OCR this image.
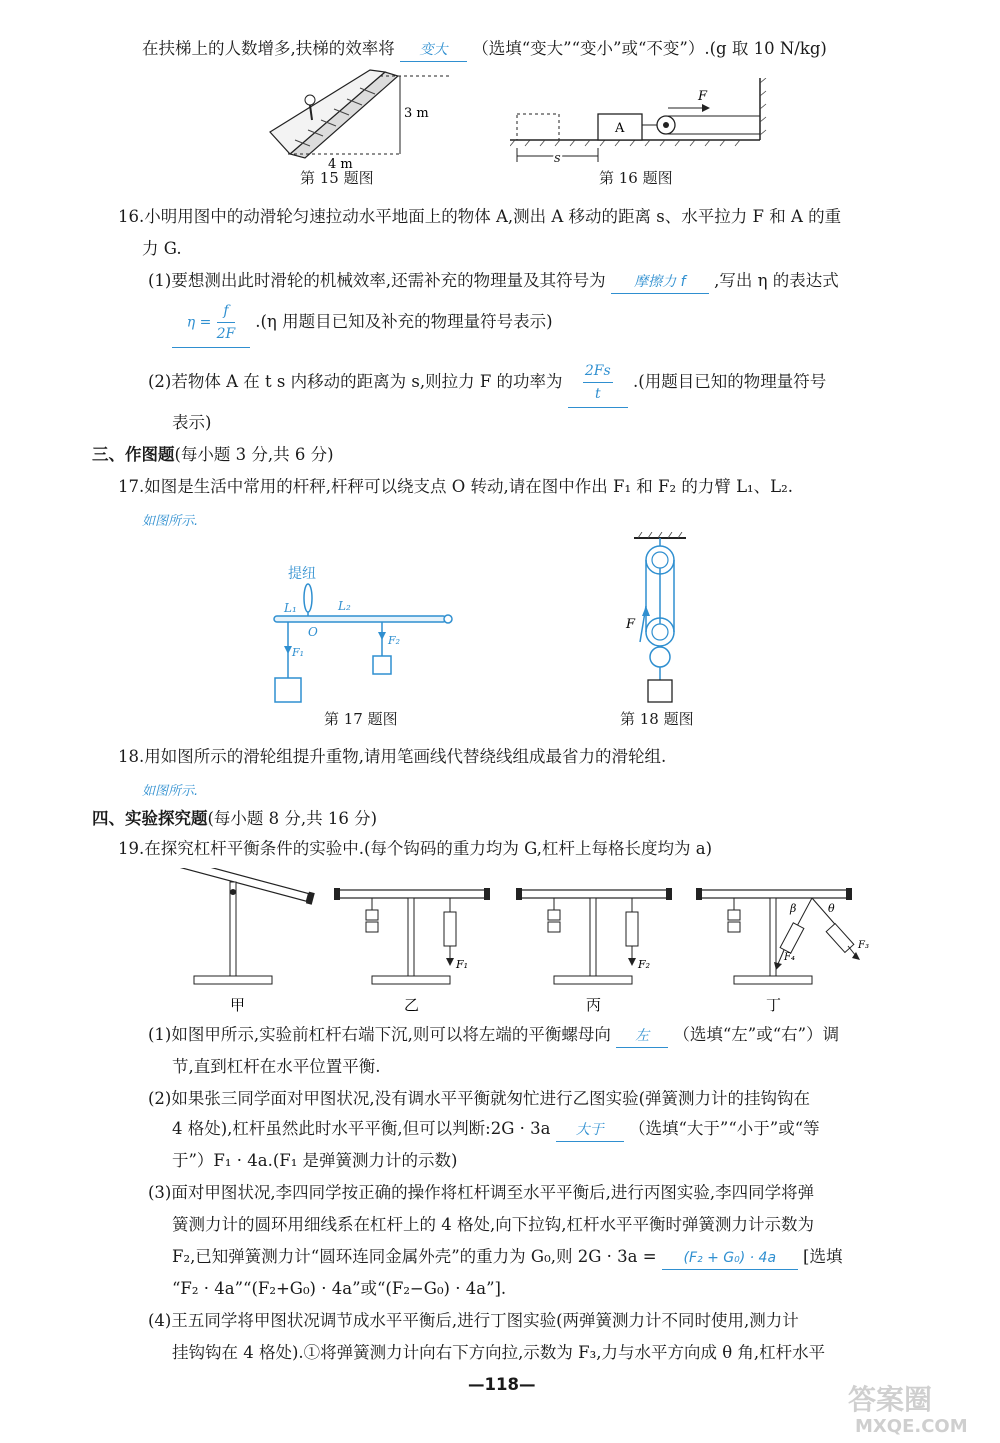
在扶梯上的人数增多,扶梯的效率将 变大 （选填“变大”“变小”或“不变”）.(g 取 10 N/kg)
3 m
4 m
第 15 题图
A
F
s
第 16 题图
16.小明用图中的动滑轮匀速拉动水平地面上的物体 A,测出 A 移动的距离 s、水平拉力 F 和 A 的重
力 G.
(1)要想测出此时滑轮的机械效率,还需补充的物理量及其符号为 摩擦力 f ,写出 η 的表达式
$\eta = \frac{f}{2F} .(\eta$ 用题目已知及补充的物理量符号表示)
(2)若物体 A 在 t s 内移动的距离为 s,则拉力 F 的功率为 $\frac{2Fs}{t}$ .(用题目已知的物理量符号
表示)
三、作图题(每小题 3 分,共 6 分)
17.如图是生活中常用的杆秤,杆秤可以绕支点 O 转动,请在图中作出 F₁ 和 F₂ 的力臂 L₁、L₂.
如图所示.
提纽
L₁	L₂
O
F₁
F₂
第 17 题图
F
第 18 题图
18.用如图所示的滑轮组提升重物,请用笔画线代替绕线组成最省力的滑轮组.
如图所示.
四、实验探究题(每小题 8 分,共 16 分)
19.在探究杠杆平衡条件的实验中.(每个钩码的重力均为 G,杠杆上每格长度均为 a)
F₁	F₂
F₃
F₄
β	θ
甲	乙	丙	丁
(1)如图甲所示,实验前杠杆右端下沉,则可以将左端的平衡螺母向 左 （选填“左”或“右”）调
节,直到杠杆在水平位置平衡.
(2)如果张三同学面对甲图状况,没有调水平平衡就匆忙进行乙图实验(弹簧测力计的挂钩钩在
4 格处),杠杆虽然此时水平平衡,但可以判断:2G · 3a 大于 （选填“大于”“小于”或“等
于”）F₁ · 4a.(F₁ 是弹簧测力计的示数)
(3)面对甲图状况,李四同学按正确的操作将杠杆调至水平平衡后,进行丙图实验,李四同学将弹
簧测力计的圆环用细线系在杠杆上的 4 格处,向下拉钩,杠杆水平平衡时弹簧测力计示数为
F₂,已知弹簧测力计“圆环连同金属外壳”的重力为 G₀,则 2G · 3a = (F₂ + G₀) · 4a [选填
“F₂ · 4a”“(F₂+G₀) · 4a”或“(F₂−G₀) · 4a”].
(4)王五同学将甲图状况调节成水平平衡后,进行丁图实验(两弹簧测力计不同时使用,测力计
挂钩钩在 4 格处).①将弹簧测力计向右下方向拉,示数为 F₃,力与水平方向成 θ 角,杠杆水平
—118—	答案圈
MXQE.COM
